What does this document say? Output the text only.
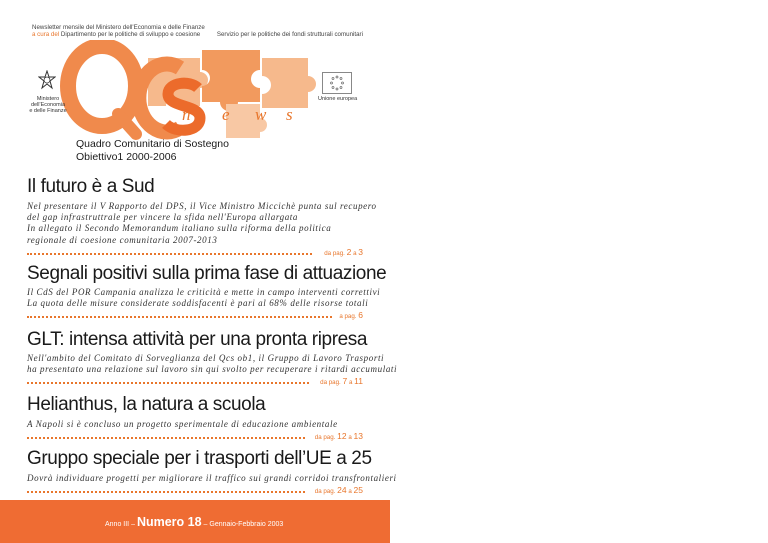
Newsletter mensile del Ministero dell'Economia e delle Finanze
a cura del Dipartimento per le politiche di sviluppo e coesione	Servizio per le politiche dei fondi strutturali comunitari
n e w s
Ministero
dell'Economia
e delle Finanze
Unione europea
Quadro Comunitario di Sostegno
Obiettivo1 2000-2006
Il futuro è a Sud
Nel presentare il V Rapporto del DPS, il Vice Ministro Miccichè punta sul recupero
del gap infrastruttrale per vincere la sfida nell'Europa allargata
In allegato il Secondo Memorandum italiano sulla riforma della politica
regionale di coesione comunitaria 2007-2013
da pag. 2 a 3
Segnali positivi sulla prima fase di attuazione
Il CdS del POR Campania analizza le criticità e mette in campo interventi correttivi
La quota delle misure considerate soddisfacenti è pari al 68% delle risorse totali
a pag. 6
GLT: intensa attività per una pronta ripresa
Nell'ambito del Comitato di Sorveglianza del Qcs ob1, il Gruppo di Lavoro Trasporti
ha presentato una relazione sul lavoro sin qui svolto per recuperare i ritardi accumulati
da pag. 7 a 11
Helianthus, la natura a scuola
A Napoli si è concluso un progetto sperimentale di educazione ambientale
da pag. 12 a 13
Gruppo speciale per i trasporti dell’UE a 25
Dovrà individuare progetti per migliorare il traffico sui grandi corridoi transfrontalieri
da pag. 24 a 25
Anno III – Numero 18 – Gennaio-Febbraio 2003
